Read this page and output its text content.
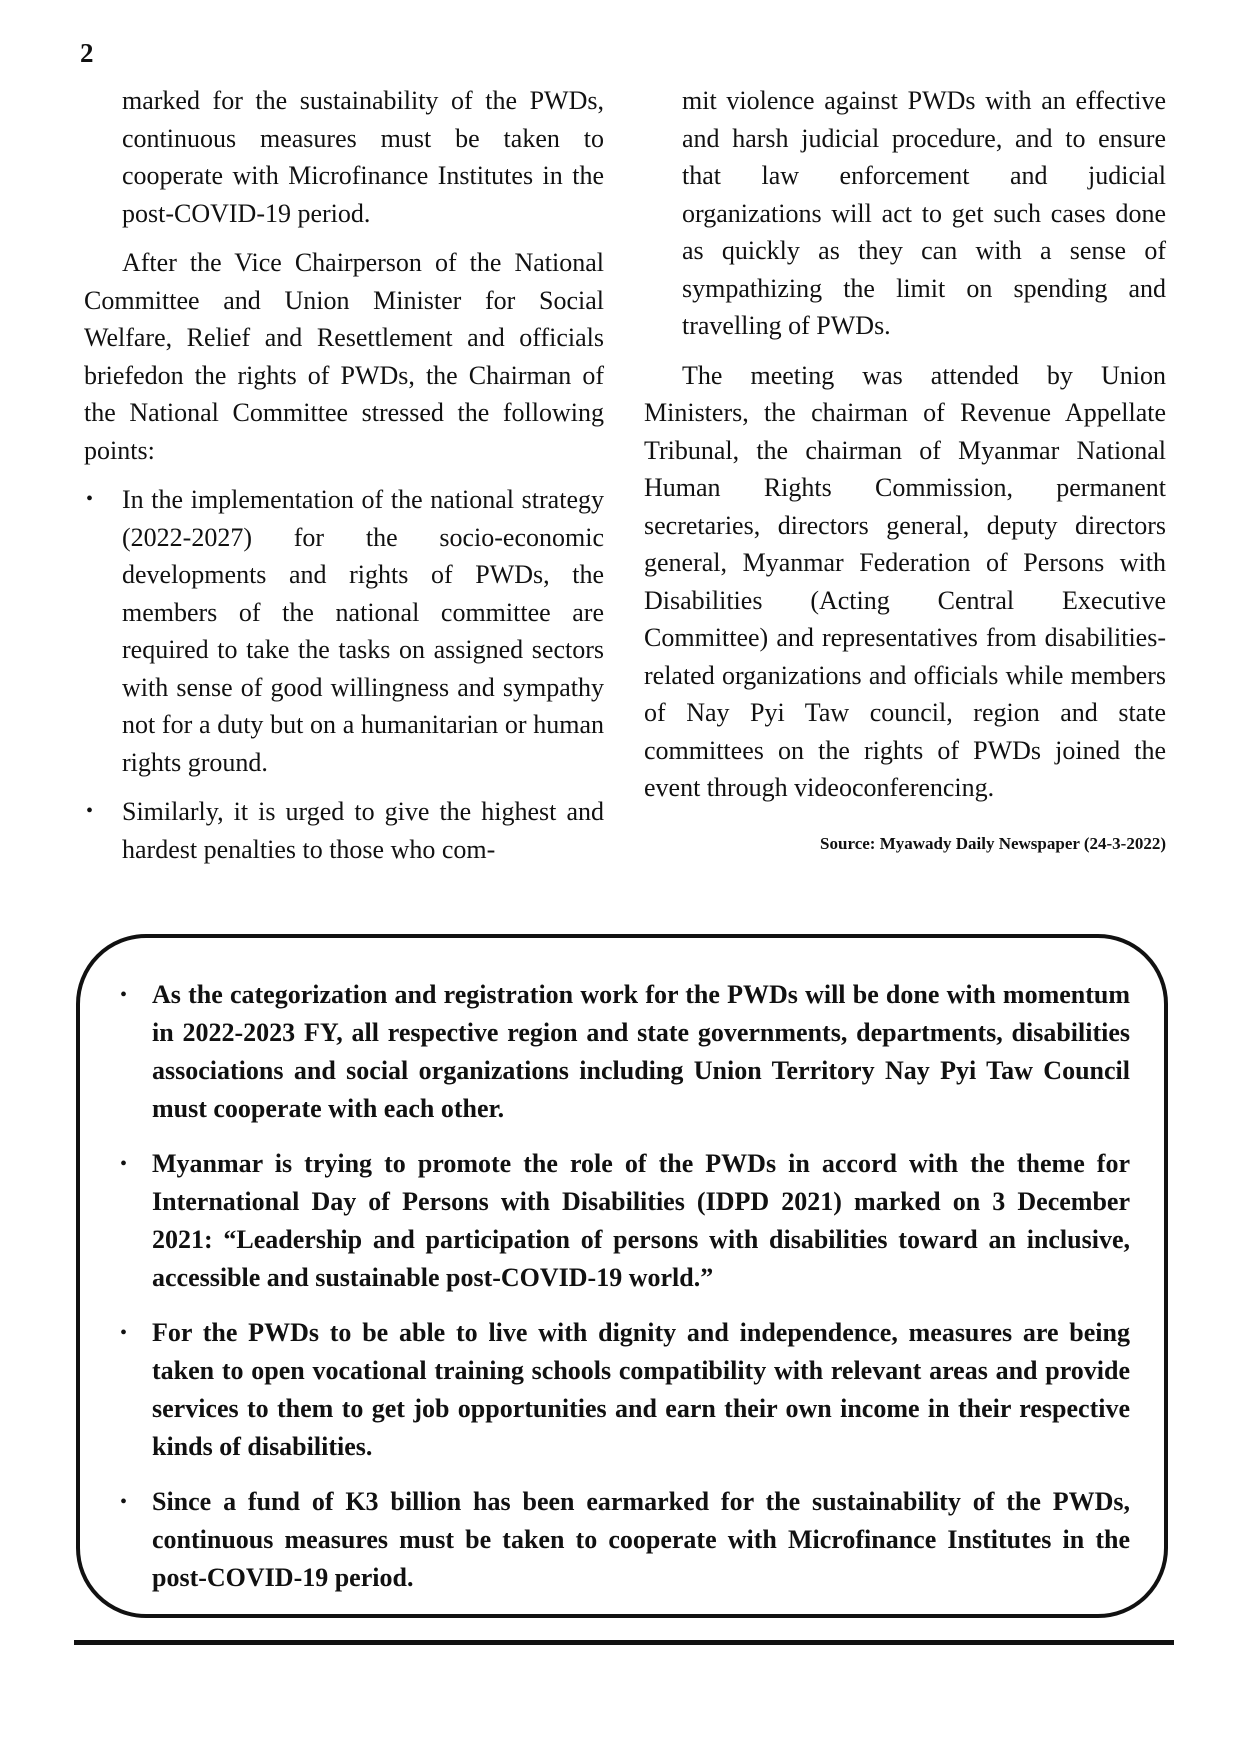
2

marked for the sustainability of the PWDs, continuous measures must be taken to cooperate with Microfinance Institutes in the post-COVID-19 period.

After the Vice Chairperson of the National Committee and Union Minister for Social Welfare, Relief and Resettlement and officials briefedon the rights of PWDs, the Chairman of the National Committee stressed the following points:

• In the implementation of the national strategy (2022-2027) for the socio-economic developments and rights of PWDs, the members of the national committee are required to take the tasks on assigned sectors with sense of good willingness and sympathy not for a duty but on a humanitarian or human rights ground.
• Similarly, it is urged to give the highest and hardest penalties to those who com-

mit violence against PWDs with an effective and harsh judicial procedure, and to ensure that law enforcement and judicial organizations will act to get such cases done as quickly as they can with a sense of sympathizing the limit on spending and travelling of PWDs.

The meeting was attended by Union Ministers, the chairman of Revenue Appellate Tribunal, the chairman of Myanmar National Human Rights Commission, permanent secretaries, directors general, deputy directors general, Myanmar Federation of Persons with Disabilities (Acting Central Executive Committee) and representatives from disabilities-related organizations and officials while members of Nay Pyi Taw council, region and state committees on the rights of PWDs joined the event through videoconferencing.

Source: Myawady Daily Newspaper (24-3-2022)
• As the categorization and registration work for the PWDs will be done with momentum in 2022-2023 FY, all respective region and state governments, departments, disabilities associations and social organizations including Union Territory Nay Pyi Taw Council must cooperate with each other.
• Myanmar is trying to promote the role of the PWDs in accord with the theme for International Day of Persons with Disabilities (IDPD 2021) marked on 3 December 2021: “Leadership and participation of persons with disabilities toward an inclusive, accessible and sustainable post-COVID-19 world.”
• For the PWDs to be able to live with dignity and independence, measures are being taken to open vocational training schools compatibility with relevant areas and provide services to them to get job opportunities and earn their own income in their respective kinds of disabilities.
• Since a fund of K3 billion has been earmarked for the sustainability of the PWDs, continuous measures must be taken to cooperate with Microfinance Institutes in the post-COVID-19 period.
